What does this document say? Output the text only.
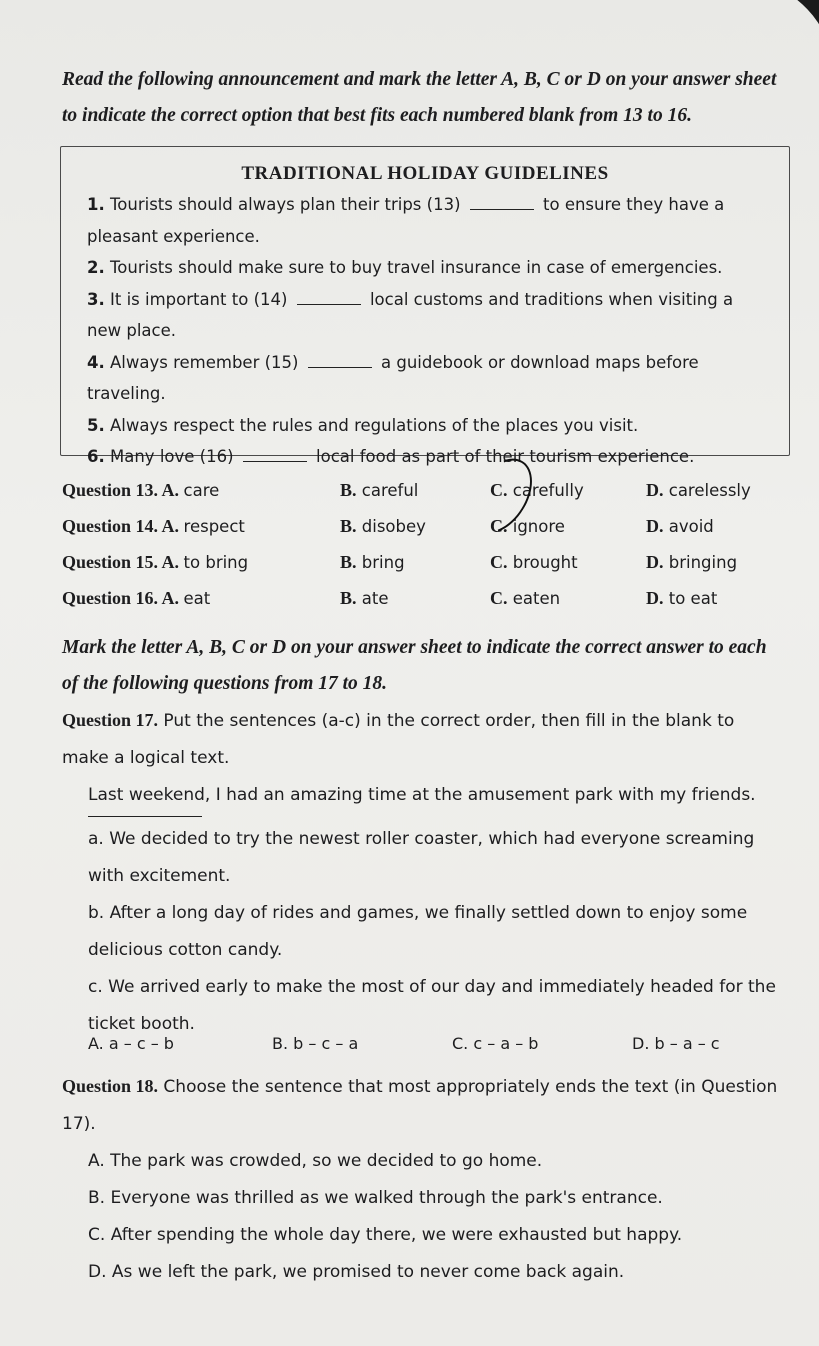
Read the following announcement and mark the letter A, B, C or D on your answer sheet to indicate the correct option that best fits each numbered blank from 13 to 16.
TRADITIONAL HOLIDAY GUIDELINES

1. Tourists should always plan their trips (13)	to ensure they have a pleasant experience.

2. Tourists should make sure to buy travel insurance in case of emergencies.

3. It is important to (14)	local customs and traditions when visiting a new place.

4. Always remember (15)	a guidebook or download maps before traveling.

5. Always respect the rules and regulations of the places you visit.

6. Many love (16)	local food as part of their tourism experience.

Question 13. A. care	B. careful	C. carefully	D. carelessly
Question 14. A. respect	B. disobey	C. ignore	D. avoid
Question 15. A. to bring	B. bring	C. brought	D. bringing
Question 16. A. eat	B. ate	C. eaten	D. to eat
Mark the letter A, B, C or D on your answer sheet to indicate the correct answer to each of the following questions from 17 to 18.
Question 17. Put the sentences (a-c) in the correct order, then fill in the blank to make a logical text.
Last weekend, I had an amazing time at the amusement park with my friends.
a. We decided to try the newest roller coaster, which had everyone screaming with excitement.
b. After a long day of rides and games, we finally settled down to enjoy some delicious cotton candy.
c. We arrived early to make the most of our day and immediately headed for the ticket booth.
A. a – c – b	B. b – c – a	C. c – a – b	D. b – a – c
Question 18. Choose the sentence that most appropriately ends the text (in Question 17).
A. The park was crowded, so we decided to go home.
B. Everyone was thrilled as we walked through the park's entrance.
C. After spending the whole day there, we were exhausted but happy.
D. As we left the park, we promised to never come back again.
